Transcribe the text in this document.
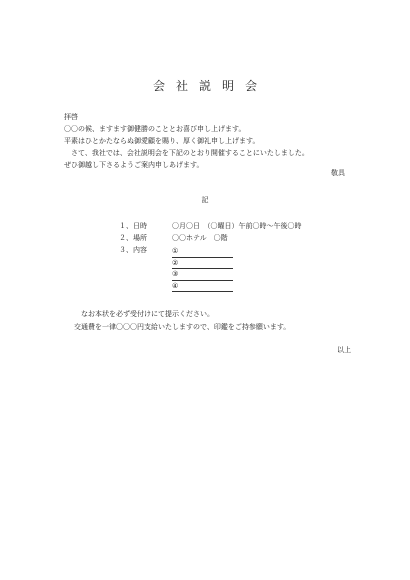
会社説明会
拝啓
〇〇の候、ますます御健勝のこととお喜び申し上げます。
平素はひとかたならぬ御愛顧を賜り、厚く御礼申し上げます。
　さて、我社では、会社説明会を下記のとおり開催することにいたしました。
ぜひ御越し下さるようご案内申しあげます。
敬具
記
１、日時	〇月〇日　（〇曜日）午前〇時～午後〇時
２、場所	〇〇ホテル　〇階
３、内容	①
②
③
④
なお本状を必ず受付けにて提示ください。
交通費を一律〇〇〇円支給いたしますので、印鑑をご持参願います。
以上
